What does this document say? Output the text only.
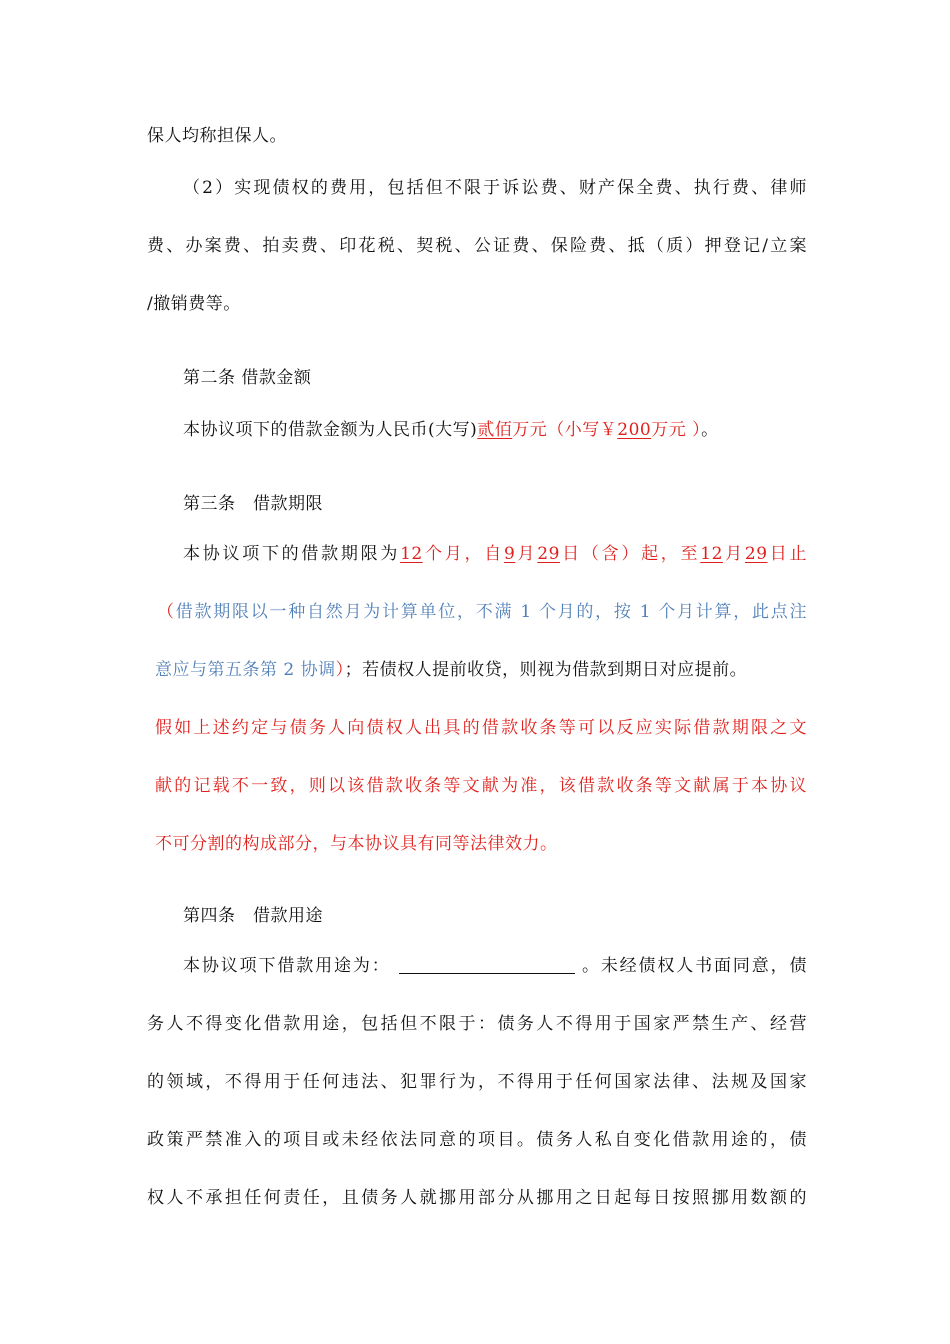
保人均称担保人。
（2）实现债权的费用，包括但不限于诉讼费、财产保全费、执行费、律师
费、办案费、拍卖费、印花税、契税、公证费、保险费、抵（质）押登记/立案
/撤销费等。
第二条 借款金额
本协议项下的借款金额为人民币(大写)贰佰万元（小写￥200万元 ）。
第三条　借款期限
本协议项下的借款期限为12个月，自9月29日（含）起，至12月29日止
（借款期限以一种自然月为计算单位，不满 1 个月的，按 1 个月计算，此点注
意应与第五条第 2 协调）；若债权人提前收贷，则视为借款到期日对应提前。
假如上述约定与债务人向债权人出具的借款收条等可以反应实际借款期限之文
献的记载不一致，则以该借款收条等文献为准，该借款收条等文献属于本协议
不可分割的构成部分，与本协议具有同等法律效力。
第四条　借款用途
本协议项下借款用途为：	。未经债权人书面同意，债
务人不得变化借款用途，包括但不限于：债务人不得用于国家严禁生产、经营
的领域，不得用于任何违法、犯罪行为，不得用于任何国家法律、法规及国家
政策严禁准入的项目或未经依法同意的项目。债务人私自变化借款用途的，债
权人不承担任何责任，且债务人就挪用部分从挪用之日起每日按照挪用数额的
